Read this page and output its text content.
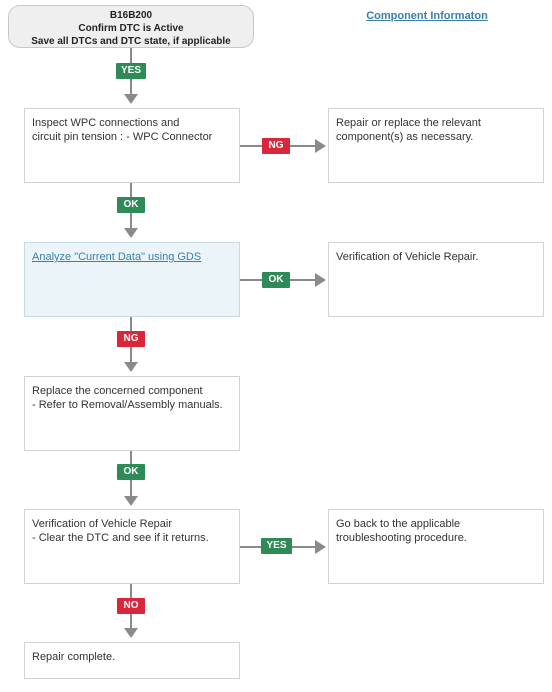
B16B200
Confirm DTC is Active
Save all DTCs and DTC state, if applicable
Component Informaton
YES
Inspect WPC connections and
circuit pin tension : - WPC Connector
NG
Repair or replace the relevant
component(s) as necessary.
OK
Analyze "Current Data" using GDS
OK
Verification of Vehicle Repair.
NG
Replace the concerned component
- Refer to Removal/Assembly manuals.
OK
Verification of Vehicle Repair
- Clear the DTC and see if it returns.
YES
Go back to the applicable
troubleshooting procedure.
NO
Repair complete.
